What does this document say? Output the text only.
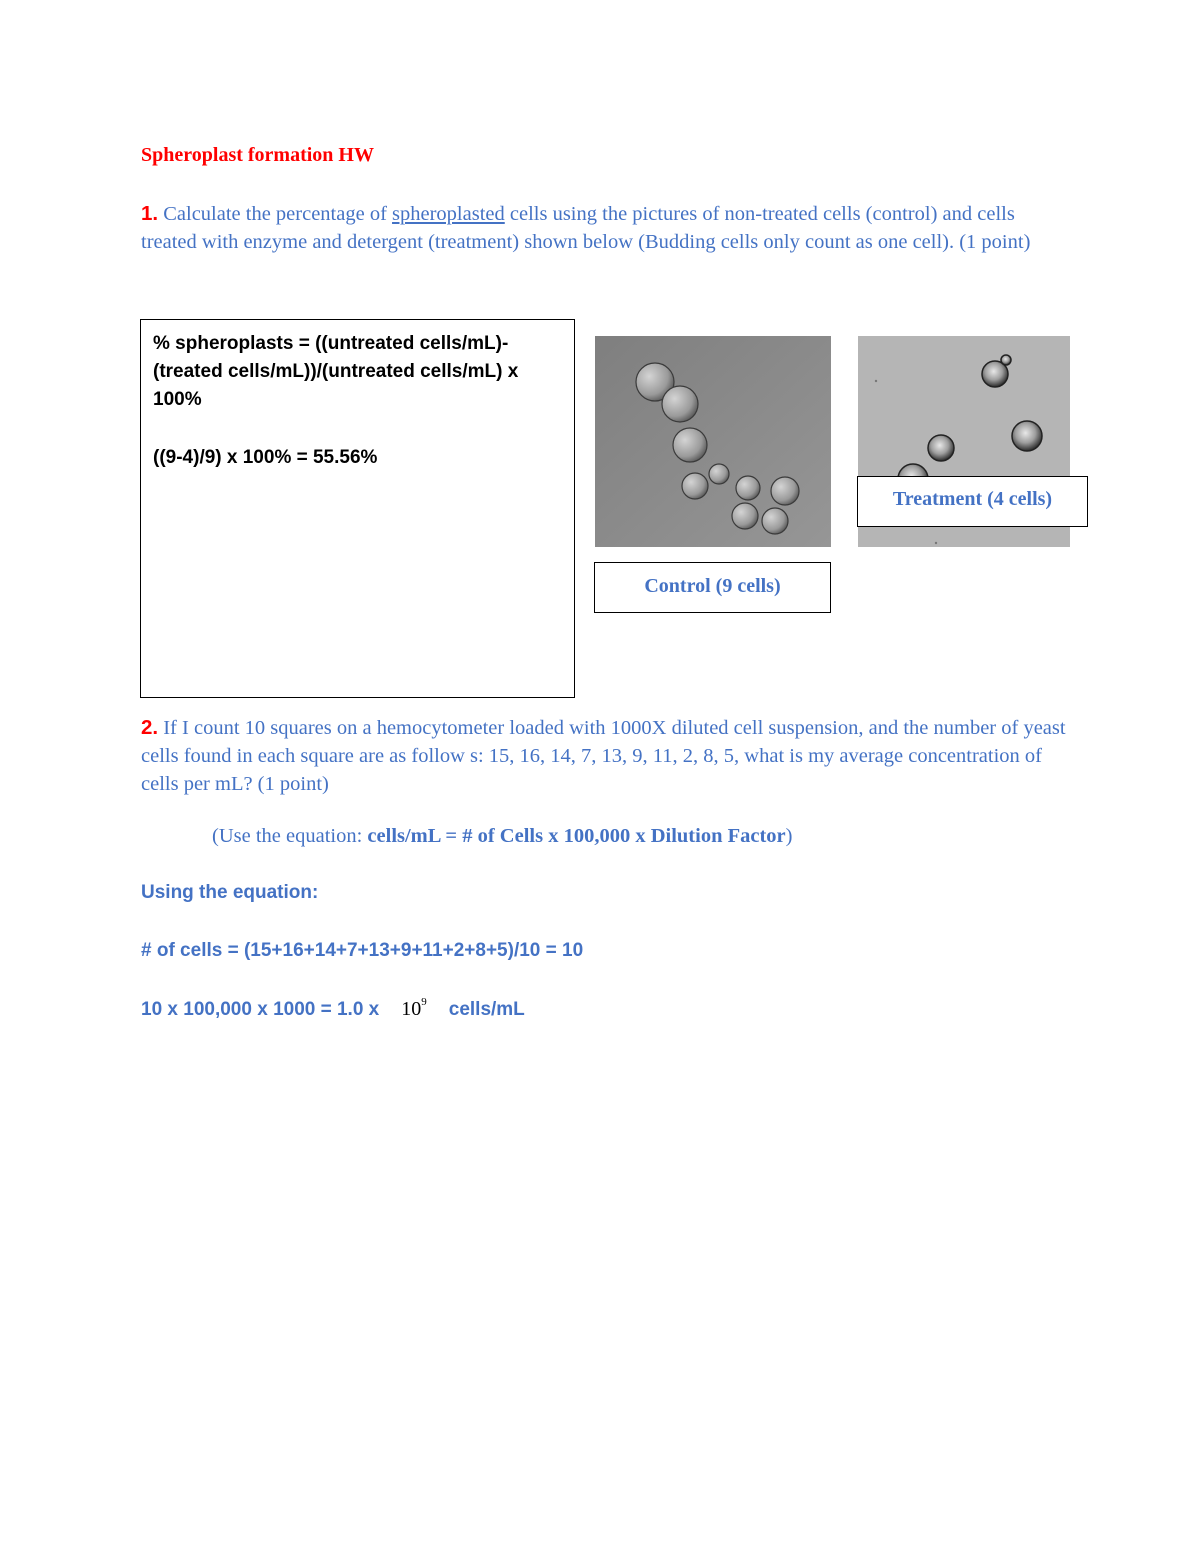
Spheroplast formation HW
1. Calculate the percentage of spheroplasted cells using the pictures of non-treated cells (control) and cells treated with enzyme and detergent (treatment) shown below (Budding cells only count as one cell). (1 point)
% spheroplasts = ((untreated cells/mL)-(treated cells/mL))/(untreated cells/mL) x 100%
((9-4)/9) x 100% = 55.56%
Control (9 cells)
Treatment (4 cells)
2. If I count 10 squares on a hemocytometer loaded with 1000X diluted cell suspension, and the number of yeast cells found in each square are as follow s: 15, 16, 14, 7, 13, 9, 11, 2, 8, 5, what is my average concentration of cells per mL? (1 point)
(Use the equation: cells/mL = # of Cells x 100,000 x Dilution Factor)
Using the equation:
# of cells = (15+16+14+7+13+9+11+2+8+5)/10 = 10
10 x 100,000 x 1000 = 1.0 x $10^9$ cells/mL
